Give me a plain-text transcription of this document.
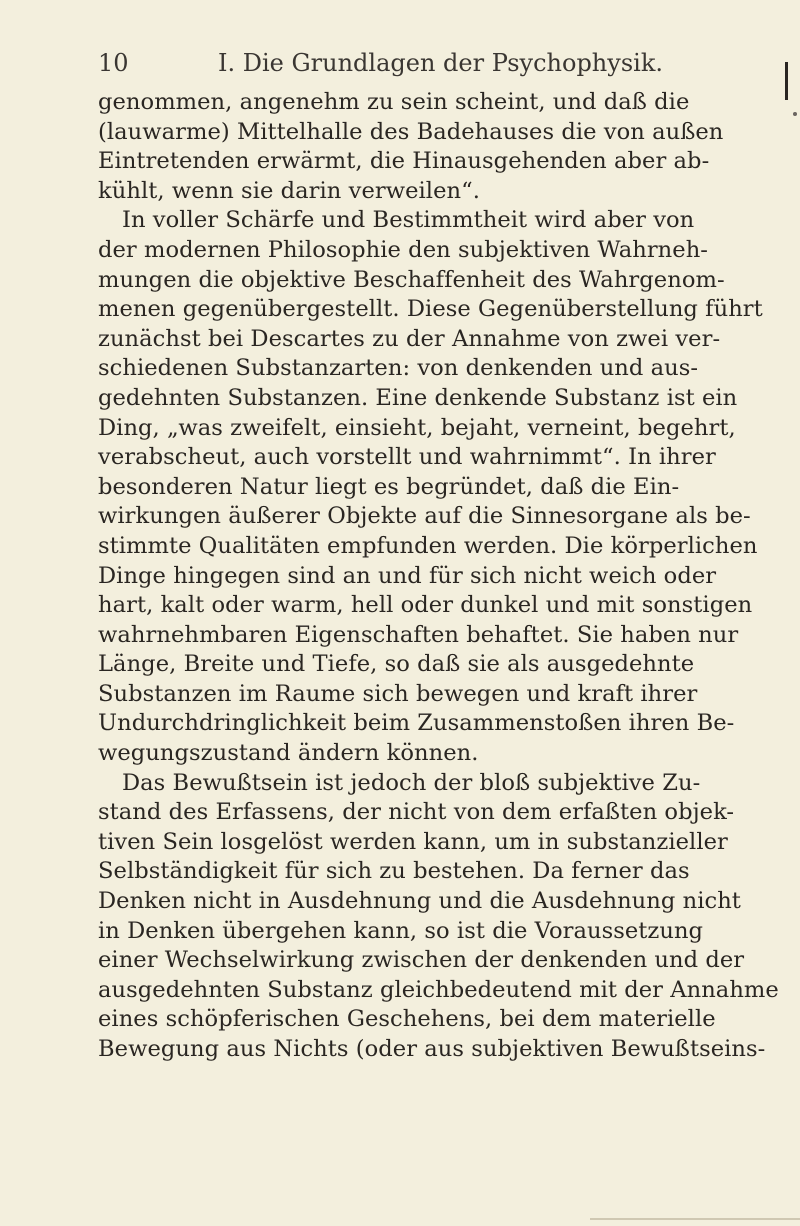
10	I. Die Grundlagen der Psychophysik.
genommen, angenehm zu sein scheint, und daß die
(lauwarme) Mittelhalle des Badehauses die von außen
Eintretenden erwärmt, die Hinausgehenden aber ab-
kühlt, wenn sie darin verweilen“.
In voller Schärfe und Bestimmtheit wird aber von
der modernen Philosophie den subjektiven Wahrneh-
mungen die objektive Beschaffenheit des Wahrgenom-
menen gegenübergestellt. Diese Gegenüberstellung führt
zunächst bei Descartes zu der Annahme von zwei ver-
schiedenen Substanzarten: von denkenden und aus-
gedehnten Substanzen. Eine denkende Substanz ist ein
Ding, „was zweifelt, einsieht, bejaht, verneint, begehrt,
verabscheut, auch vorstellt und wahrnimmt“. In ihrer
besonderen Natur liegt es begründet, daß die Ein-
wirkungen äußerer Objekte auf die Sinnesorgane als be-
stimmte Qualitäten empfunden werden. Die körperlichen
Dinge hingegen sind an und für sich nicht weich oder
hart, kalt oder warm, hell oder dunkel und mit sonstigen
wahrnehmbaren Eigenschaften behaftet. Sie haben nur
Länge, Breite und Tiefe, so daß sie als ausgedehnte
Substanzen im Raume sich bewegen und kraft ihrer
Undurchdringlichkeit beim Zusammenstoßen ihren Be-
wegungszustand ändern können.
Das Bewußtsein ist jedoch der bloß subjektive Zu-
stand des Erfassens, der nicht von dem erfaßten objek-
tiven Sein losgelöst werden kann, um in substanzieller
Selbständigkeit für sich zu bestehen. Da ferner das
Denken nicht in Ausdehnung und die Ausdehnung nicht
in Denken übergehen kann, so ist die Voraussetzung
einer Wechselwirkung zwischen der denkenden und der
ausgedehnten Substanz gleichbedeutend mit der Annahme
eines schöpferischen Geschehens, bei dem materielle
Bewegung aus Nichts (oder aus subjektiven Bewußtseins-
